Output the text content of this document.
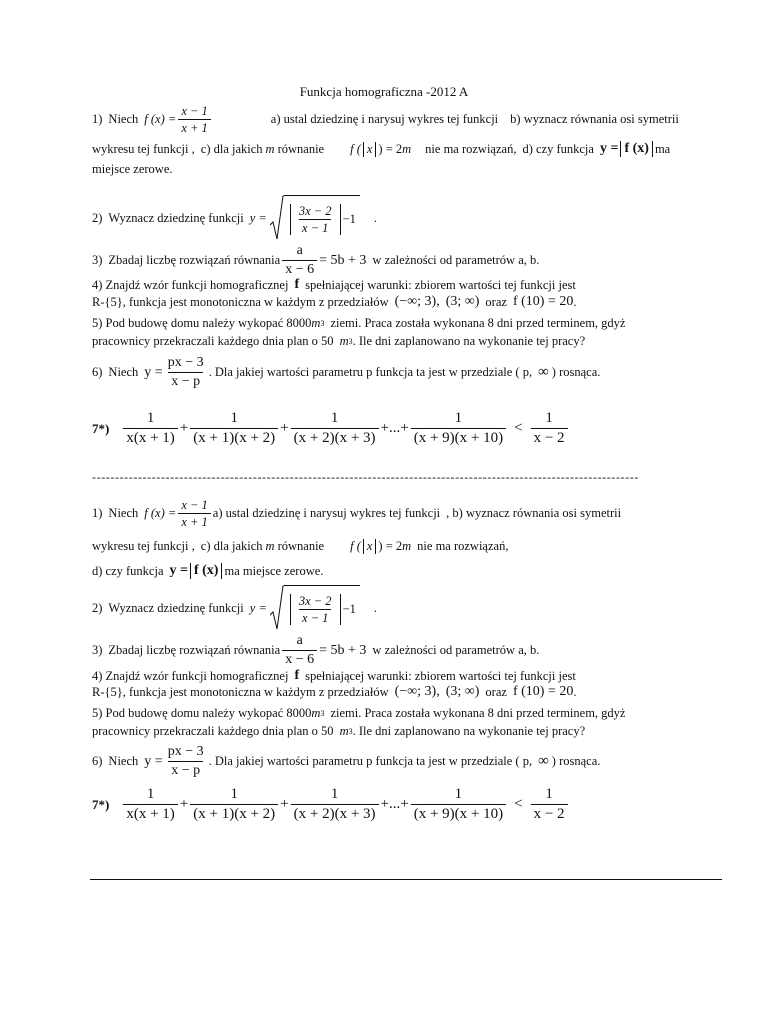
Funkcja homograficzna -2012 A
1) Niech f $(x) = \frac{x - 1}{x + 1}$	a) ustal dziedzinę i narysuj wykres tej funkcji b) wyznacz równania osi symetrii
wykresu tej funkcji , c) dla jakich m równanie f ( x ) = 2 m nie ma rozwiązań, d) czy funkcja y = f (x) ma
miejsce zerowe.
2) Wyznacz dziedzinę funkcji $y = \frac{3x - 2}{x - 1} -1$ .
3) Zbadaj liczbę rozwiązań równania $\frac{a}{x - 6} = 5b + 3$ w zależności od parametrów a, b.
4) Znajdź wzór funkcji homograficznej f spełniającej warunki: zbiorem wartości tej funkcji jest
R-{5}, funkcja jest monotoniczna w każdym z przedziałów (−∞; 3), (3; ∞) oraz f (10) = 20 .
5) Pod budowę domu należy wykopać 8000 m 3 ziemi. Praca została wykonana 8 dni przed terminem, gdyż
pracownicy przekraczali każdego dnia plan o 50 m 3 . Ile dni zaplanowano na wykonanie tej pracy?
6) Niech $y = \frac{px - 3}{x - p}$ . Dla jakiej wartości parametru p funkcja ta jest w przedziale ( p, ∞ ) rosnąca.
$7*) \frac{1}{x(x + 1)} + \frac{1}{(x + 1)(x + 2)} + \frac{1}{(x + 2)(x + 3)}$ +...+ $\frac{1}{(x + 9)(x + 10)} < \frac{1}{x - 2}$
-----------------------------------------------------------------------------------------------------------------------
1) Niech f $(x) = \frac{x - 1}{x + 1} a$) ustal dziedzinę i narysuj wykres tej funkcji , b) wyznacz równania osi symetrii
wykresu tej funkcji , c) dla jakich m równanie f ( x ) = 2 m nie ma rozwiązań,
d) czy funkcja y = f (x) ma miejsce zerowe.
2) Wyznacz dziedzinę funkcji $y = \frac{3x - 2}{x - 1} -1$ .
3) Zbadaj liczbę rozwiązań równania $\frac{a}{x - 6} = 5b + 3$ w zależności od parametrów a, b.
4) Znajdź wzór funkcji homograficznej f spełniającej warunki: zbiorem wartości tej funkcji jest
R-{5}, funkcja jest monotoniczna w każdym z przedziałów (−∞; 3), (3; ∞) oraz f (10) = 20 .
5) Pod budowę domu należy wykopać 8000 m 3 ziemi. Praca została wykonana 8 dni przed terminem, gdyż
pracownicy przekraczali każdego dnia plan o 50 m 3 . Ile dni zaplanowano na wykonanie tej pracy?
6) Niech $y = \frac{px - 3}{x - p}$ . Dla jakiej wartości parametru p funkcja ta jest w przedziale ( p, ∞ ) rosnąca.
$7*) \frac{1}{x(x + 1)} + \frac{1}{(x + 1)(x + 2)} + \frac{1}{(x + 2)(x + 3)}$ +...+ $\frac{1}{(x + 9)(x + 10)} < \frac{1}{x - 2}$
